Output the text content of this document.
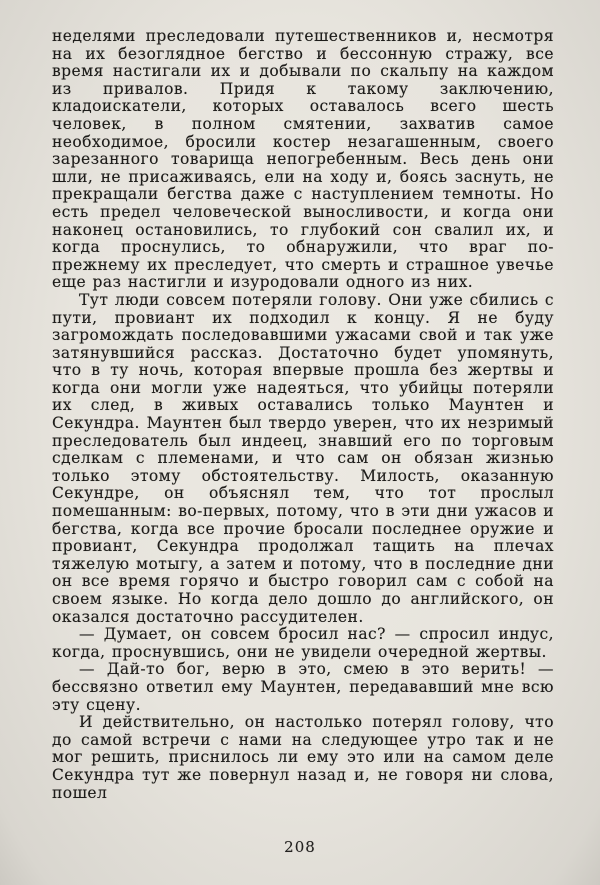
неделями преследовали путешественников и, несмотря на их безоглядное бегство и бессонную стражу, все время настигали их и добывали по скальпу на каждом из привалов. Придя к такому заключению, кладоискатели, которых оставалось всего шесть человек, в полном смятении, захватив самое необходимое, бросили костер незагашенным, своего зарезанного товарища непогребенным. Весь день они шли, не присаживаясь, ели на ходу и, боясь заснуть, не прекращали бегства даже с наступлением темноты. Но есть предел человеческой выносливости, и когда они наконец остановились, то глубокий сон свалил их, и когда проснулись, то обнаружили, что враг по-прежнему их преследует, что смерть и страшное увечье еще раз настигли и изуродовали одного из них.

Тут люди совсем потеряли голову. Они уже сбились с пути, провиант их подходил к концу. Я не буду загромождать последовавшими ужасами свой и так уже затянувшийся рассказ. Достаточно будет упомянуть, что в ту ночь, которая впервые прошла без жертвы и когда они могли уже надеяться, что убийцы потеряли их след, в живых оставались только Маунтен и Секундра. Маунтен был твердо уверен, что их незримый преследователь был индеец, знавший его по торговым сделкам с племенами, и что сам он обязан жизнью только этому обстоятельству. Милость, оказанную Секундре, он объяснял тем, что тот прослыл помешанным: во-первых, потому, что в эти дни ужасов и бегства, когда все прочие бросали последнее оружие и провиант, Секундра продолжал тащить на плечах тяжелую мотыгу, а затем и потому, что в последние дни он все время горячо и быстро говорил сам с собой на своем языке. Но когда дело дошло до английского, он оказался достаточно рассудителен.

— Думает, он совсем бросил нас? — спросил индус, когда, проснувшись, они не увидели очередной жертвы.

— Дай-то бог, верю в это, смею в это верить! — бессвязно ответил ему Маунтен, передававший мне всю эту сцену.

И действительно, он настолько потерял голову, что до самой встречи с нами на следующее утро так и не мог решить, приснилось ли ему это или на самом деле Секундра тут же повернул назад и, не говоря ни слова, пошел

208
